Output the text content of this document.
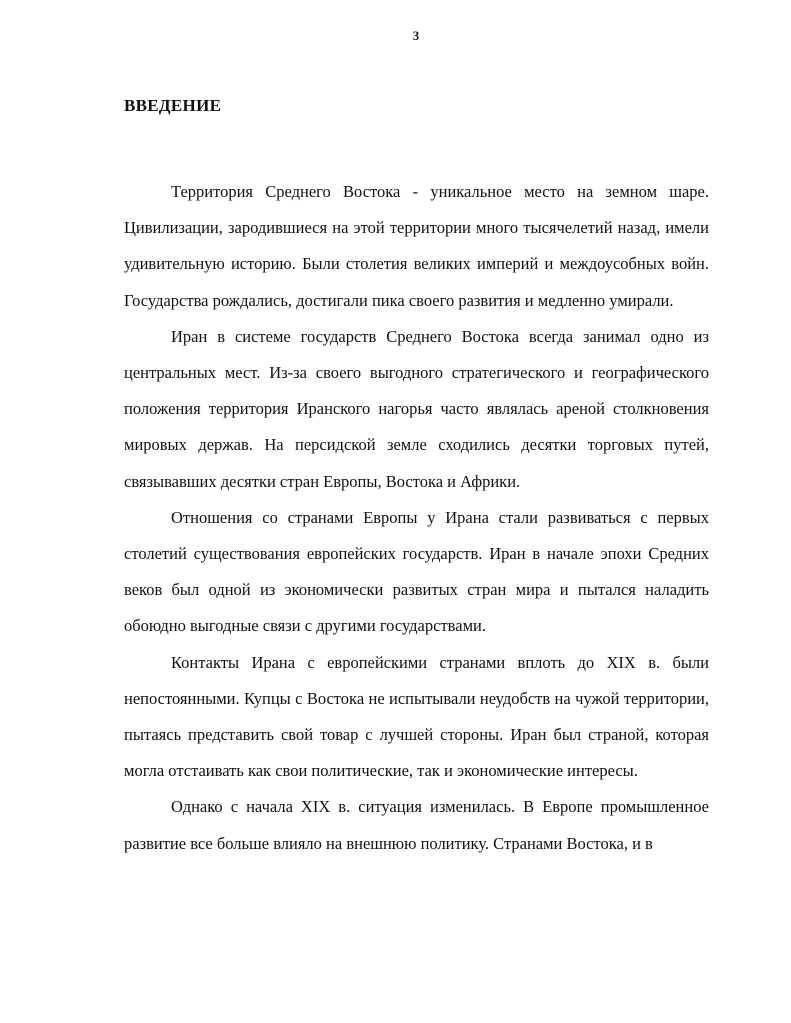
3
ВВЕДЕНИЕ

Территория Среднего Востока - уникальное место на земном шаре. Цивилизации, зародившиеся на этой территории много тысячелетий назад, имели удивительную историю. Были столетия великих империй и междоусобных войн. Государства рождались, достигали пика своего развития и медленно умирали.

Иран в системе государств Среднего Востока всегда занимал одно из центральных мест. Из-за своего выгодного стратегического и географического положения территория Иранского нагорья часто являлась ареной столкновения мировых держав. На персидской земле сходились десятки торговых путей, связывавших десятки стран Европы, Востока и Африки.

Отношения со странами Европы у Ирана стали развиваться с первых столетий существования европейских государств. Иран в начале эпохи Средних веков был одной из экономически развитых стран мира и пытался наладить обоюдно выгодные связи с другими государствами.

Контакты Ирана с европейскими странами вплоть до XIX в. были непостоянными. Купцы с Востока не испытывали неудобств на чужой территории, пытаясь представить свой товар с лучшей стороны. Иран был страной, которая могла отстаивать как свои политические, так и экономические интересы.

Однако с начала XIX в. ситуация изменилась. В Европе промышленное развитие все больше влияло на внешнюю политику. Странами Востока, и в
